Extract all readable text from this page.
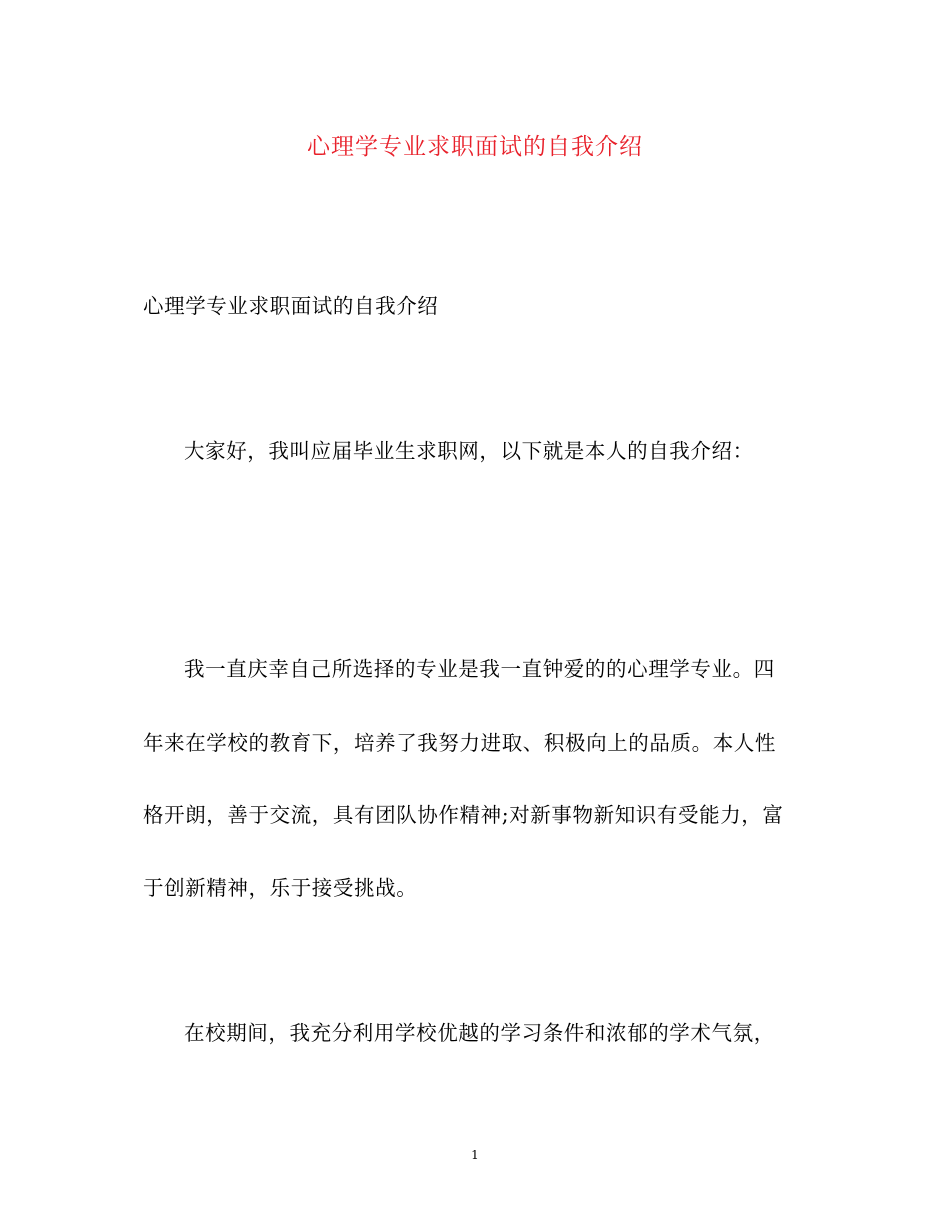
心理学专业求职面试的自我介绍
心理学专业求职面试的自我介绍
大家好，我叫应届毕业生求职网，以下就是本人的自我介绍：
我一直庆幸自己所选择的专业是我一直钟爱的的心理学专业。四
年来在学校的教育下，培养了我努力进取、积极向上的品质。本人性
格开朗，善于交流，具有团队协作精神;对新事物新知识有受能力，富
于创新精神，乐于接受挑战。
在校期间，我充分利用学校优越的学习条件和浓郁的学术气氛，
1
